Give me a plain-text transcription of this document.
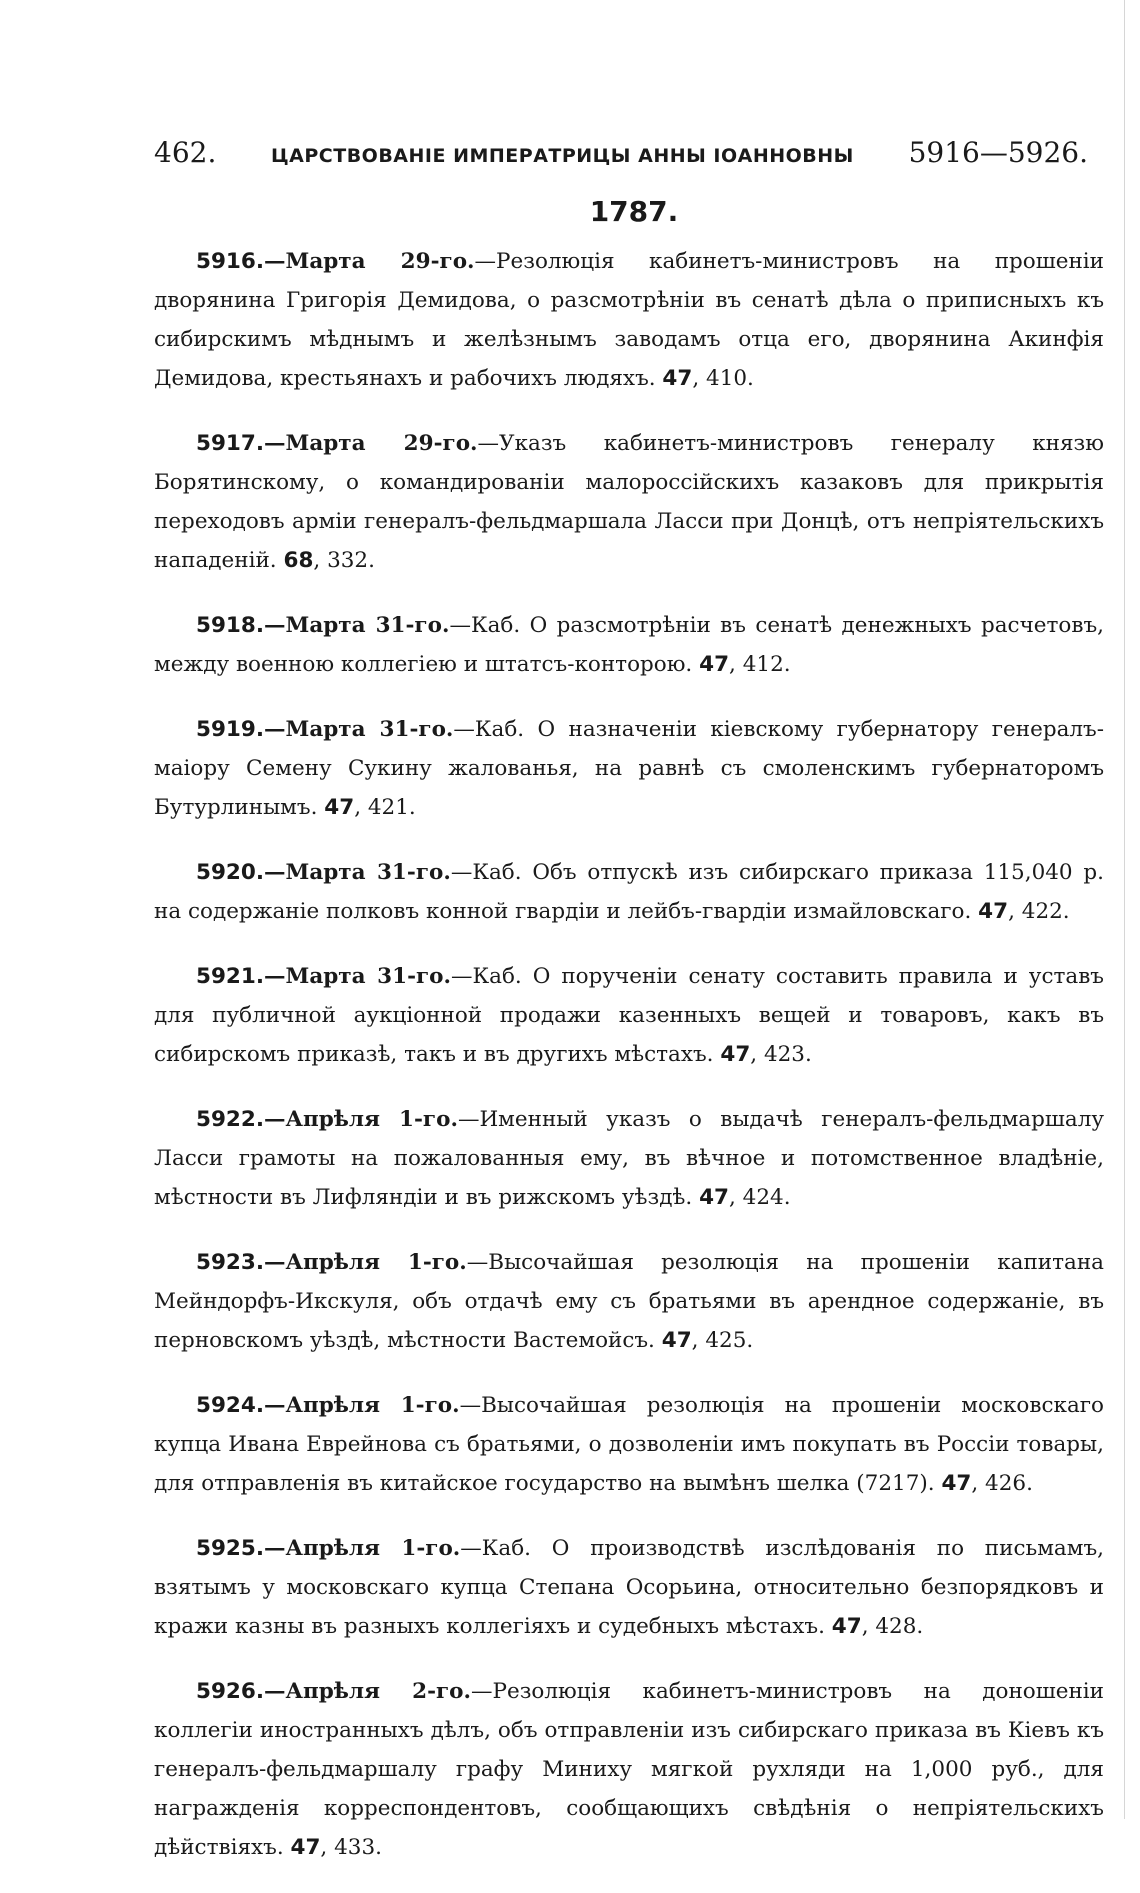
462.	ЦАРСТВОВАНІЕ ИМПЕРАТРИЦЫ АННЫ ІОАННОВНЫ 5916—5926.
1787.

5916.—Марта 29-го.—Резолюція кабинетъ-министровъ на прошеніи дворянина Григорія Демидова, о разсмотрѣніи въ сенатѣ дѣла о приписныхъ къ сибирскимъ мѣднымъ и желѣзнымъ заводамъ отца его, дворянина Акинфія Демидова, крестьянахъ и рабочихъ людяхъ. 47, 410.

5917.—Марта 29-го.—Указъ кабинетъ-министровъ генералу князю Борятинскому, о командированіи малороссійскихъ казаковъ для прикрытія переходовъ арміи генералъ-фельдмаршала Ласси при Донцѣ, отъ непріятельскихъ нападеній. 68, 332.

5918.—Марта 31-го.—Каб. О разсмотрѣніи въ сенатѣ денежныхъ расчетовъ, между военною коллегіею и штатсъ-конторою. 47, 412.

5919.—Марта 31-го.—Каб. О назначеніи кіевскому губернатору генералъ-маіору Семену Сукину жалованья, на равнѣ съ смоленскимъ губернаторомъ Бутурлинымъ. 47, 421.

5920.—Марта 31-го.—Каб. Объ отпускѣ изъ сибирскаго приказа 115,040 р. на содержаніе полковъ конной гвардіи и лейбъ-гвардіи измайловскаго. 47, 422.

5921.—Марта 31-го.—Каб. О порученіи сенату составить правила и уставъ для публичной аукціонной продажи казенныхъ вещей и товаровъ, какъ въ сибирскомъ приказѣ, такъ и въ другихъ мѣстахъ. 47, 423.

5922.—Апрѣля 1-го.—Именный указъ о выдачѣ генералъ-фельдмаршалу Ласси грамоты на пожалованныя ему, въ вѣчное и потомственное владѣніе, мѣстности въ Лифляндіи и въ рижскомъ уѣздѣ. 47, 424.

5923.—Апрѣля 1-го.—Высочайшая резолюція на прошеніи капитана Мейндорфъ-Икскуля, объ отдачѣ ему съ братьями въ арендное содержаніе, въ перновскомъ уѣздѣ, мѣстности Вастемойсъ. 47, 425.

5924.—Апрѣля 1-го.—Высочайшая резолюція на прошеніи московскаго купца Ивана Еврейнова съ братьями, о дозволеніи имъ покупать въ Россіи товары, для отправленія въ китайское государство на вымѣнъ шелка (7217). 47, 426.

5925.—Апрѣля 1-го.—Каб. О производствѣ изслѣдованія по письмамъ, взятымъ у московскаго купца Степана Осорьина, относительно безпорядковъ и кражи казны въ разныхъ коллегіяхъ и судебныхъ мѣстахъ. 47, 428.

5926.—Апрѣля 2-го.—Резолюція кабинетъ-министровъ на доношеніи коллегіи иностранныхъ дѣлъ, объ отправленіи изъ сибирскаго приказа въ Кіевъ къ генералъ-фельдмаршалу графу Миниху мягкой рухляди на 1,000 руб., для награжденія корреспондентовъ, сообщающихъ свѣдѣнія о непріятельскихъ дѣйствіяхъ. 47, 433.
